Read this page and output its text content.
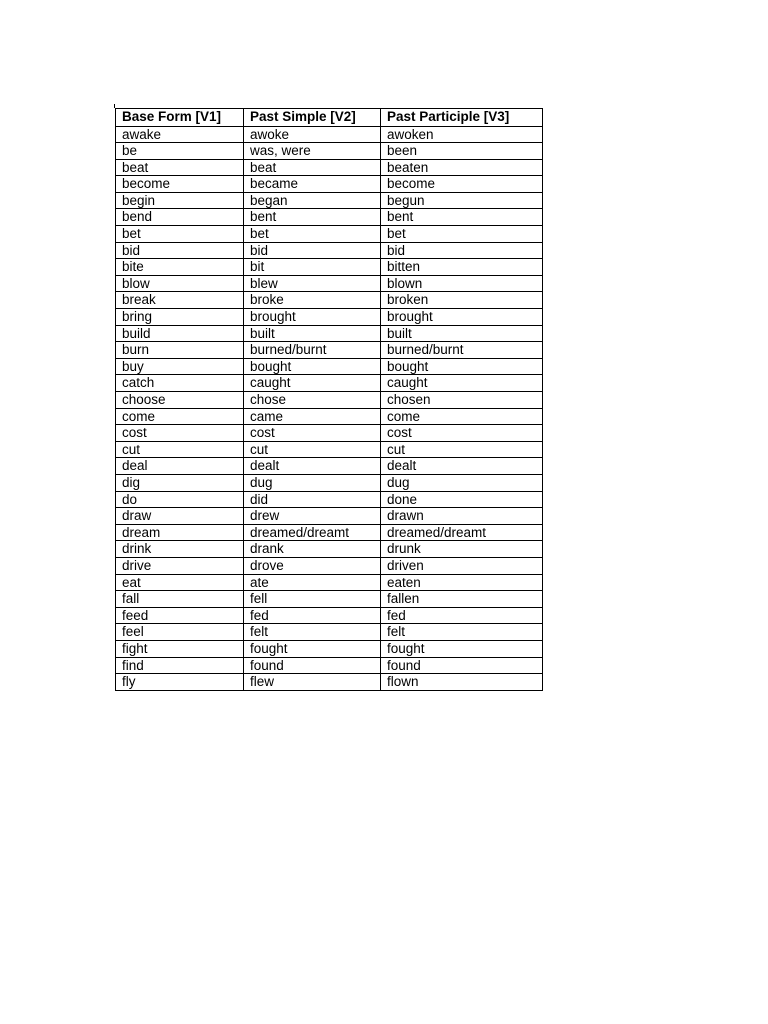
Base Form [V1]	Past Simple [V2]	Past Participle [V3]
awake	awoke	awoken
be	was, were	been
beat	beat	beaten
become	became	become
begin	began	begun
bend	bent	bent
bet	bet	bet
bid	bid	bid
bite	bit	bitten
blow	blew	blown
break	broke	broken
bring	brought	brought
build	built	built
burn	burned/burnt	burned/burnt
buy	bought	bought
catch	caught	caught
choose	chose	chosen
come	came	come
cost	cost	cost
cut	cut	cut
deal	dealt	dealt
dig	dug	dug
do	did	done
draw	drew	drawn
dream	dreamed/dreamt	dreamed/dreamt
drink	drank	drunk
drive	drove	driven
eat	ate	eaten
fall	fell	fallen
feed	fed	fed
feel	felt	felt
fight	fought	fought
find	found	found
fly	flew	flown
